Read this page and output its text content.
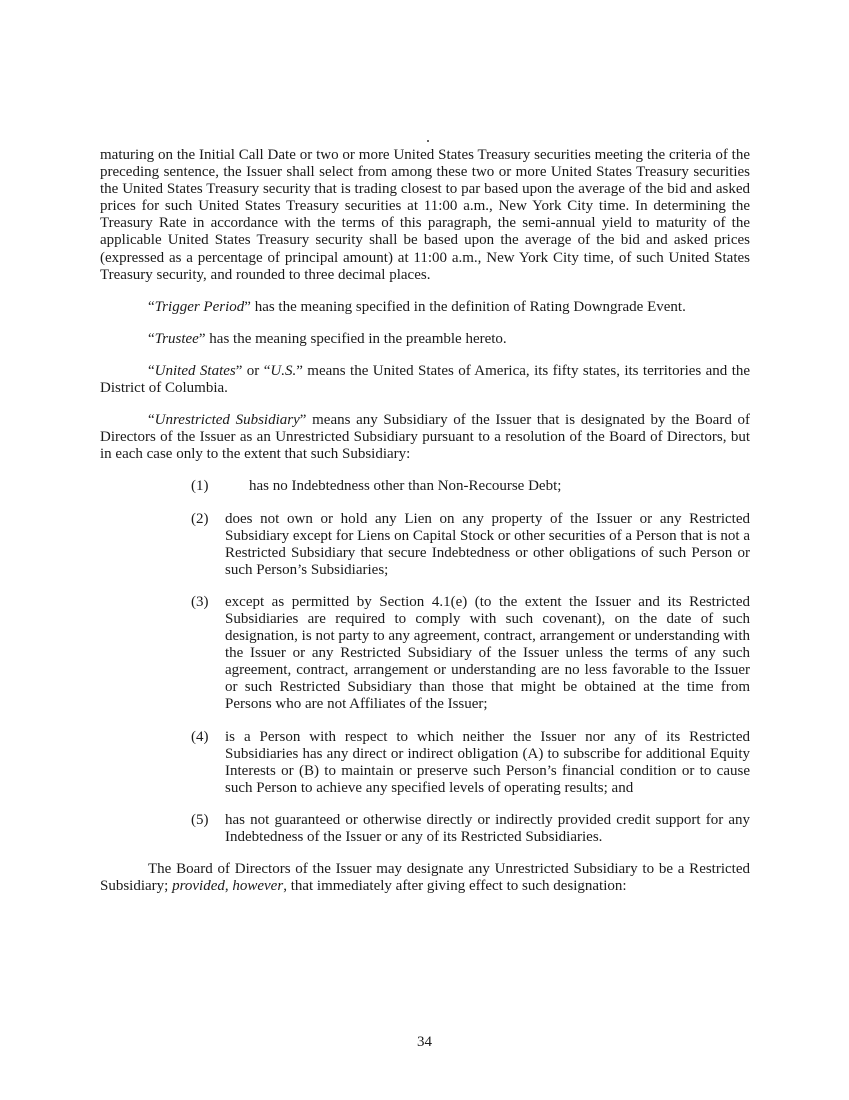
maturing on the Initial Call Date or two or more United States Treasury securities meeting the criteria of the preceding sentence, the Issuer shall select from among these two or more United States Treasury securities the United States Treasury security that is trading closest to par based upon the average of the bid and asked prices for such United States Treasury securities at 11:00 a.m., New York City time. In determining the Treasury Rate in accordance with the terms of this paragraph, the semi-annual yield to maturity of the applicable United States Treasury security shall be based upon the average of the bid and asked prices (expressed as a percentage of principal amount) at 11:00 a.m., New York City time, of such United States Treasury security, and rounded to three decimal places.

“Trigger Period” has the meaning specified in the definition of Rating Downgrade Event.

“Trustee” has the meaning specified in the preamble hereto.

“United States” or “U.S.” means the United States of America, its fifty states, its territories and the District of Columbia.

“Unrestricted Subsidiary” means any Subsidiary of the Issuer that is designated by the Board of Directors of the Issuer as an Unrestricted Subsidiary pursuant to a resolution of the Board of Directors, but in each case only to the extent that such Subsidiary:

(1)	has no Indebtedness other than Non-Recourse Debt;
(2) does not own or hold any Lien on any property of the Issuer or any Restricted Subsidiary except for Liens on Capital Stock or other securities of a Person that is not a Restricted Subsidiary that secure Indebtedness or other obligations of such Person or such Person’s Subsidiaries;
(3) except as permitted by Section 4.1(e) (to the extent the Issuer and its Restricted Subsidiaries are required to comply with such covenant), on the date of such designation, is not party to any agreement, contract, arrangement or understanding with the Issuer or any Restricted Subsidiary of the Issuer unless the terms of any such agreement, contract, arrangement or understanding are no less favorable to the Issuer or such Restricted Subsidiary than those that might be obtained at the time from Persons who are not Affiliates of the Issuer;
(4) is a Person with respect to which neither the Issuer nor any of its Restricted Subsidiaries has any direct or indirect obligation (A) to subscribe for additional Equity Interests or (B) to maintain or preserve such Person’s financial condition or to cause such Person to achieve any specified levels of operating results; and
(5) has not guaranteed or otherwise directly or indirectly provided credit support for any Indebtedness of the Issuer or any of its Restricted Subsidiaries.

The Board of Directors of the Issuer may designate any Unrestricted Subsidiary to be a Restricted Subsidiary; provided, however, that immediately after giving effect to such designation:

34
